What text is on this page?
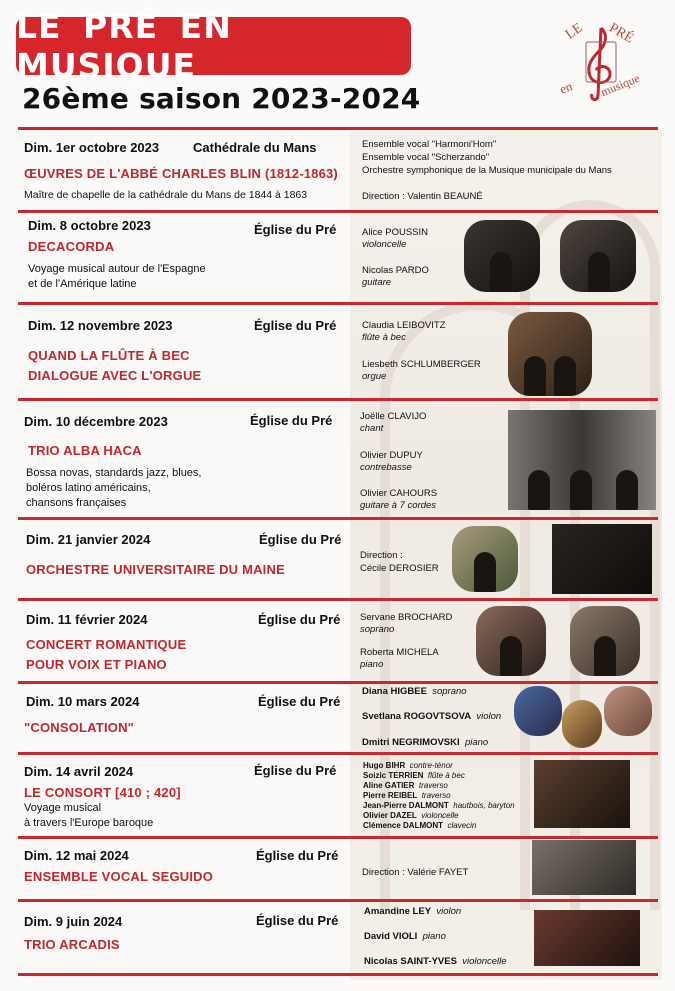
LE PRÉ EN MUSIQUE
26ème saison 2023-2024
LE PRÉ
en musique
Dim. 1er octobre 2023	Cathédrale du Mans
ŒUVRES DE L'ABBÉ CHARLES BLIN (1812-1863)
Maître de chapelle de la cathédrale du Mans de 1844 à 1863
Ensemble vocal "Harmoni'Hom"
Ensemble vocal "Scherzando"
Orchestre symphonique de la Musique municipale du Mans
Direction : Valentin BEAUNÉ
Dim. 8 octobre 2023	Église du Pré
DECACORDA
Voyage musical autour de l'Espagne
et de l'Amérique latine
Alice POUSSIN
violoncelle
Nicolas PARDO
guitare
Dim. 12 novembre 2023	Église du Pré
QUAND LA FLÛTE À BEC
DIALOGUE AVEC L'ORGUE
Claudia LEIBOVITZ
flûte à bec
Liesbeth SCHLUMBERGER
orgue
Dim. 10 décembre 2023	Église du Pré
TRIO ALBA HACA
Bossa novas, standards jazz, blues,
boléros latino américains,
chansons françaises
Joëlle CLAVIJO
chant
Olivier DUPUY
contrebasse
Olivier CAHOURS
guitare à 7 cordes
Dim. 21 janvier 2024	Église du Pré
ORCHESTRE UNIVERSITAIRE DU MAINE
Direction :
Cécile DEROSIER
Dim. 11 février 2024	Église du Pré
CONCERT ROMANTIQUE
POUR VOIX ET PIANO
Servane BROCHARD
soprano
Roberta MICHELA
piano
Dim. 10 mars 2024	Église du Pré
"CONSOLATION"
Diana HIGBEE soprano
Svetlana ROGOVTSOVA violon
Dmitri NEGRIMOVSKI piano
Dim. 14 avril 2024	Église du Pré
LE CONSORT [410 ; 420]
Voyage musical
à travers l'Europe baroque
Hugo BIHR contre-ténor
Soizic TERRIEN flûte à bec
Aline GATIER traverso
Pierre REIBEL traverso
Jean-Pierre DALMONT hautbois, baryton
Olivier DAZEL violoncelle
Clémence DALMONT clavecin
Dim. 12 mai 2024	Église du Pré
ENSEMBLE VOCAL SEGUIDO	Direction : Valérie FAYET
Dim. 9 juin 2024	Église du Pré
TRIO ARCADIS
Amandine LEY violon
David VIOLI piano
Nicolas SAINT-YVES violoncelle
